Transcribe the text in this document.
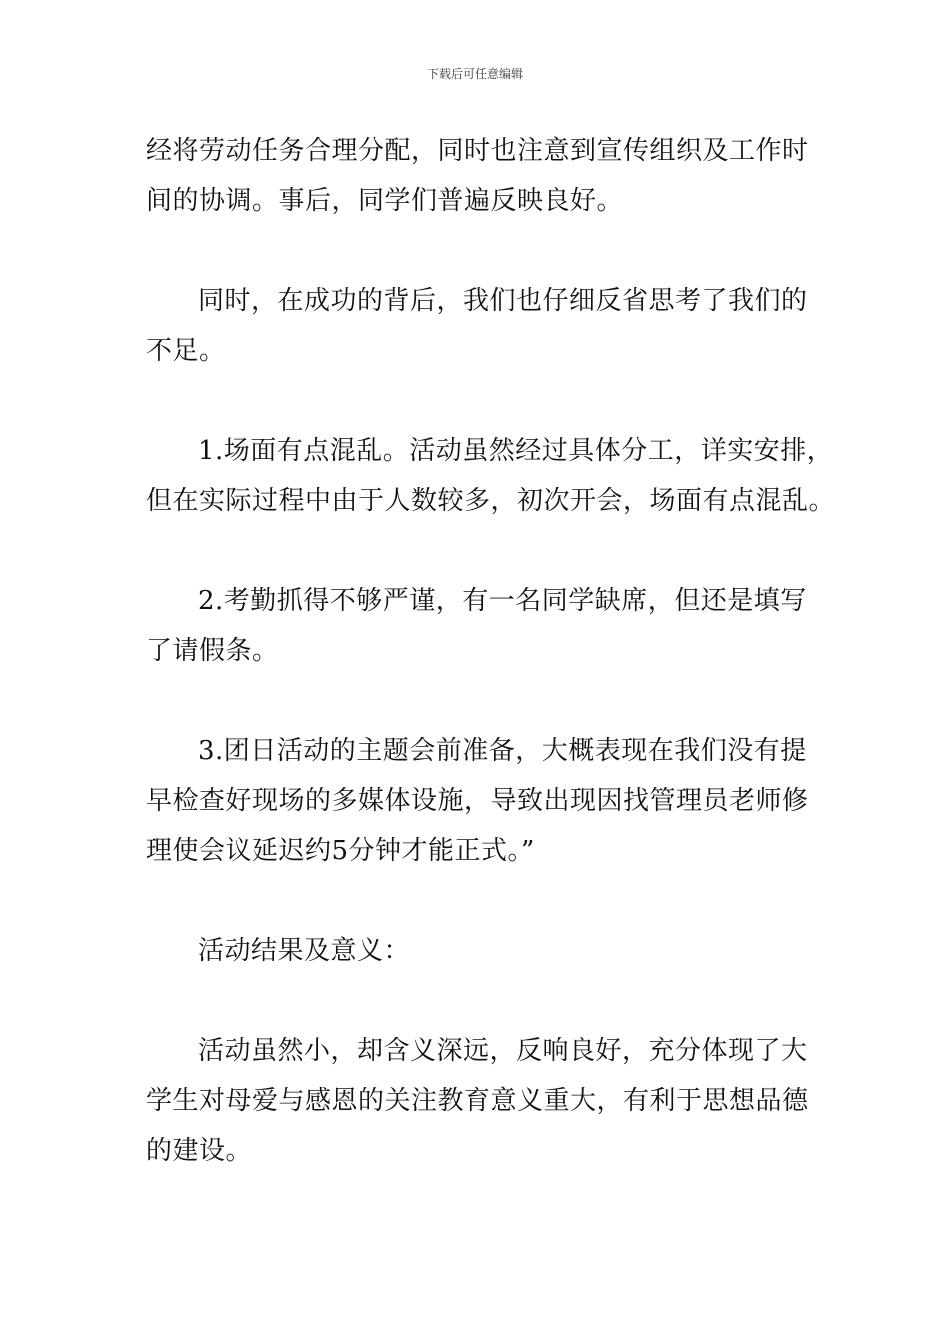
下载后可任意编辑

经将劳动任务合理分配，同时也注意到宣传组织及工作时
间的协调。事后，同学们普遍反映良好。

同时，在成功的背后，我们也仔细反省思考了我们的
不足。

1.场面有点混乱。活动虽然经过具体分工，详实安排，
但在实际过程中由于人数较多，初次开会，场面有点混乱。

2.考勤抓得不够严谨，有一名同学缺席，但还是填写
了请假条。

3.团日活动的主题会前准备，大概表现在我们没有提
早检查好现场的多媒体设施，导致出现因找管理员老师修
理使会议延迟约5分钟才能正式。”

活动结果及意义：

活动虽然小，却含义深远，反响良好，充分体现了大
学生对母爱与感恩的关注教育意义重大，有利于思想品德
的建设。
